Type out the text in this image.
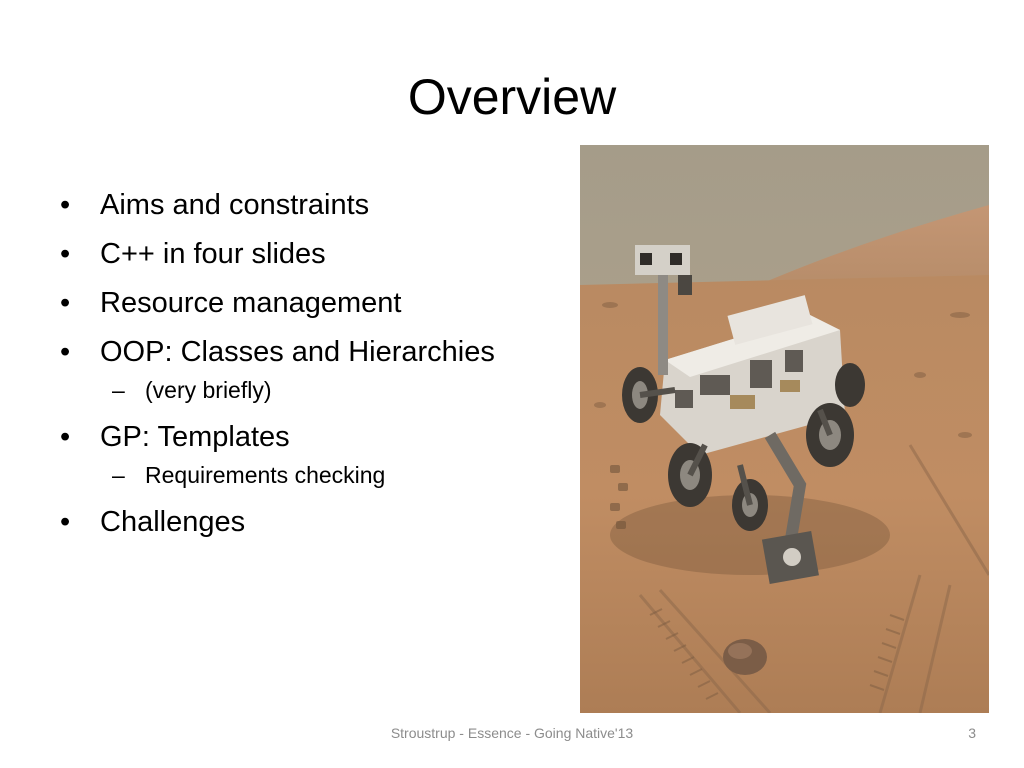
Overview
• Aims and constraints
• C++ in four slides
• Resource management
• OOP: Classes and Hierarchies
– (very briefly)
• GP: Templates
– Requirements checking
• Challenges
Stroustrup - Essence - Going Native'13	3
